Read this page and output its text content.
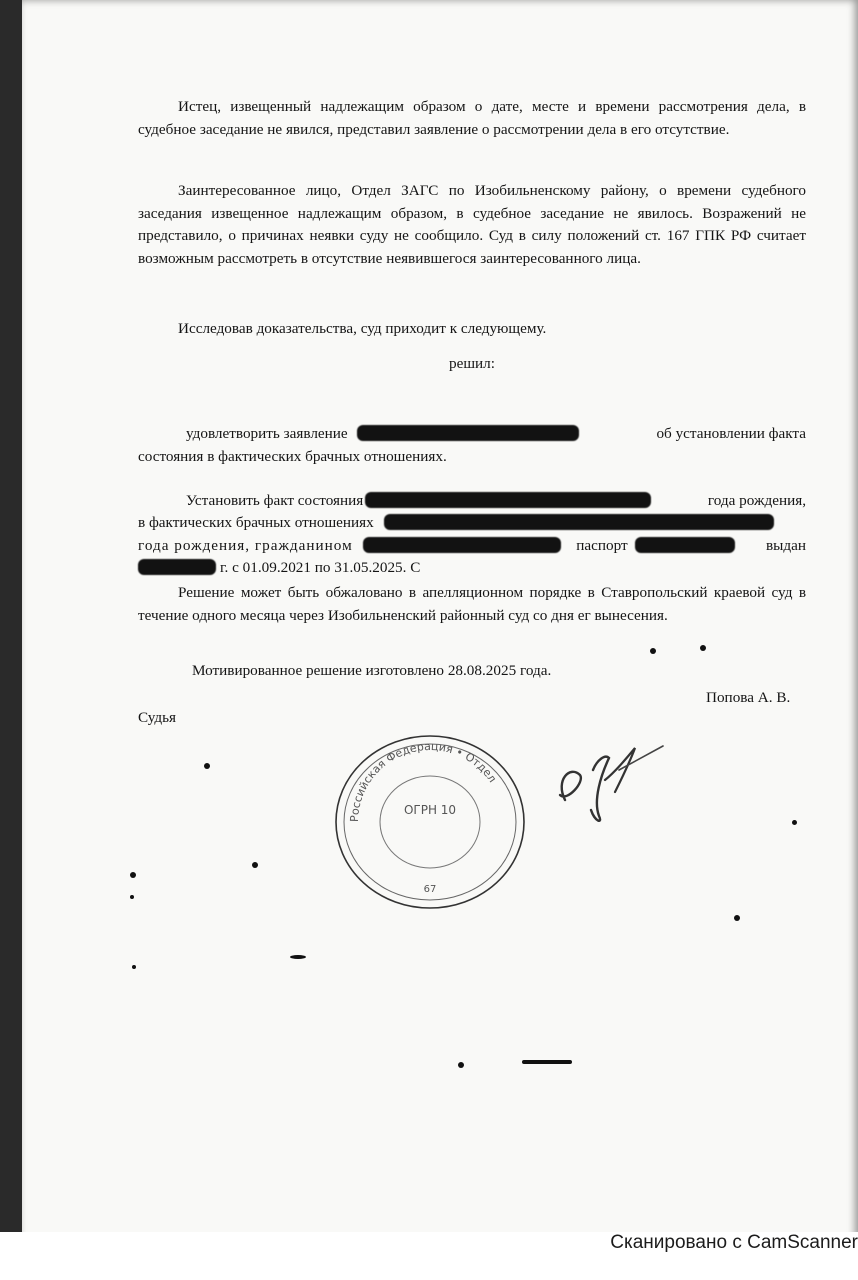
Истец, извещенный надлежащим образом о дате, месте и времени рассмотрения дела, в судебное заседание не явился, представил заявление о рассмотрении дела в его отсутствие.
Заинтересованное лицо, Отдел ЗАГС по Изобильненскому району, о времени судебного заседания извещенное надлежащим образом, в судебное заседание не явилось. Возражений не представило, о причинах неявки суду не сообщило. Суд в силу положений ст. 167 ГПК РФ считает возможным рассмотреть в отсутствие неявившегося заинтересованного лица.
Исследовав доказательства, суд приходит к следующему.
решил:
удовлетворить заявление	об установлении факта
состояния в фактических брачных отношениях.
Установить факт состояния	года рождения,
в фактических брачных отношениях
года рождения, гражданином	паспорт	выдан
г. с 01.09.2021 по 31.05.2025. С
Решение может быть обжаловано в апелляционном порядке в Ставропольский краевой суд в течение одного месяца через Изобильненский районный суд со дня ег вынесения.
Мотивированное решение изготовлено 28.08.2025 года.
Попова А. В.
Судья
Российская Федерация • Отдел
ОГРН 10
67
Сканировано с CamScanner
